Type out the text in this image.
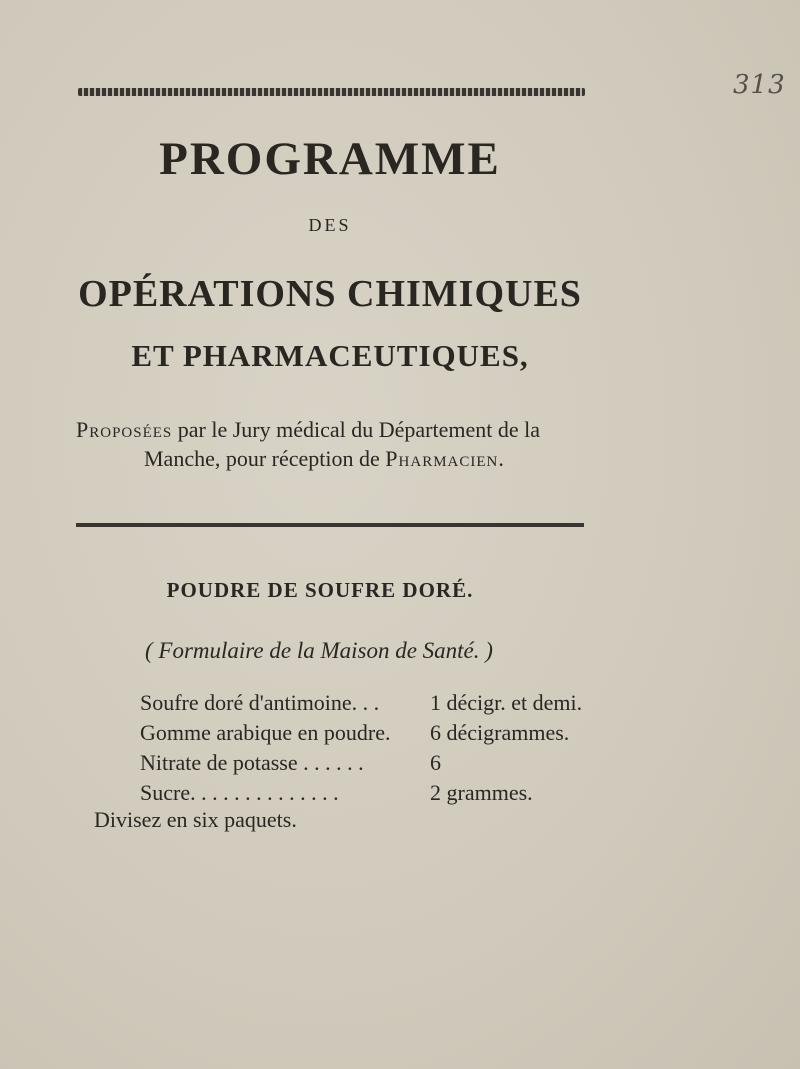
313
PROGRAMME
DES
OPÉRATIONS CHIMIQUES
ET PHARMACEUTIQUES,
Proposées par le Jury médical du Département de la
Manche, pour réception de Pharmacien.
POUDRE DE SOUFRE DORÉ.
( Formulaire de la Maison de Santé. )
Soufre doré d'antimoine. . .	1 décigr. et demi.
Gomme arabique en poudre.	6 décigrammes.
Nitrate de potasse . . . . . .	6
Sucre. . . . . . . . . . . . . .	2 grammes.
Divisez en six paquets.
